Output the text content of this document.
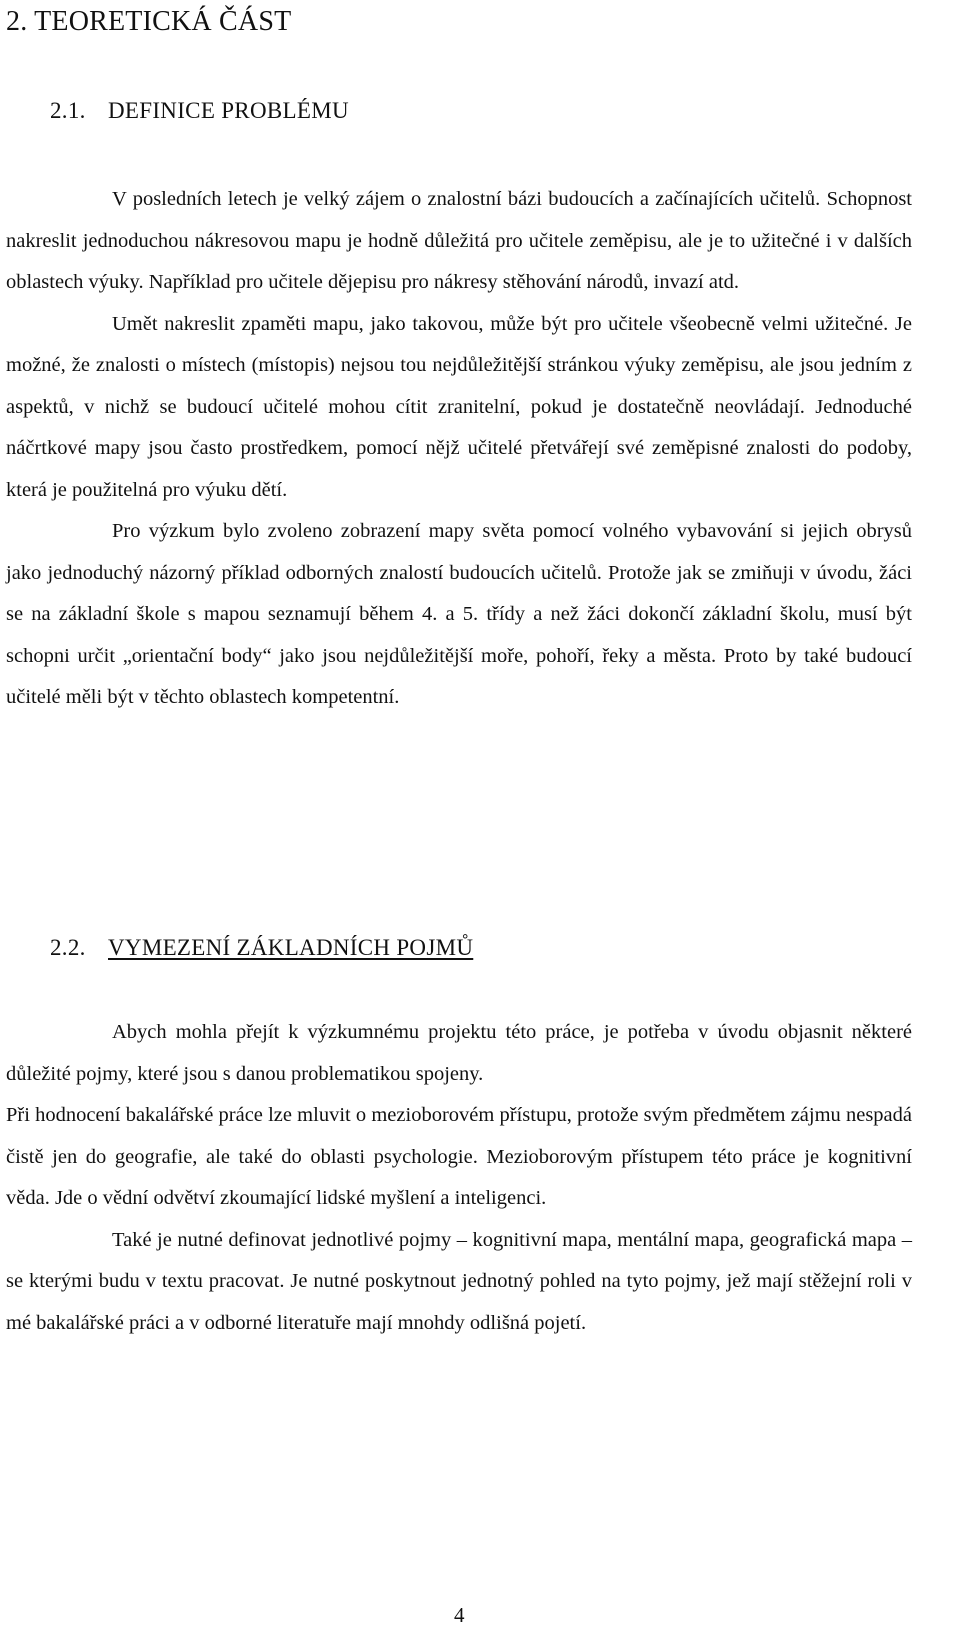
2. TEORETICKÁ ČÁST
2.1. DEFINICE PROBLÉMU

V posledních letech je velký zájem o znalostní bázi budoucích a začínajících učitelů. Schopnost nakreslit jednoduchou nákresovou mapu je hodně důležitá pro učitele zeměpisu, ale je to užitečné i v dalších oblastech výuky. Například pro učitele dějepisu pro nákresy stěhování národů, invazí atd.

Umět nakreslit zpaměti mapu, jako takovou, může být pro učitele všeobecně velmi užitečné. Je možné, že znalosti o místech (místopis) nejsou tou nejdůležitější stránkou výuky zeměpisu, ale jsou jedním z aspektů, v nichž se budoucí učitelé mohou cítit zranitelní, pokud je dostatečně neovládají. Jednoduché náčrtkové mapy jsou často prostředkem, pomocí nějž učitelé přetvářejí své zeměpisné znalosti do podoby, která je použitelná pro výuku dětí.

Pro výzkum bylo zvoleno zobrazení mapy světa pomocí volného vybavování si jejich obrysů jako jednoduchý názorný příklad odborných znalostí budoucích učitelů. Protože jak se zmiňuji v úvodu, žáci se na základní škole s mapou seznamují během 4. a 5. třídy a než žáci dokončí základní školu, musí být schopni určit „orientační body“ jako jsou nejdůležitější moře, pohoří, řeky a města. Proto by také budoucí učitelé měli být v těchto oblastech kompetentní.

2.2. VYMEZENÍ ZÁKLADNÍCH POJMŮ

Abych mohla přejít k výzkumnému projektu této práce, je potřeba v úvodu objasnit některé důležité pojmy, které jsou s danou problematikou spojeny.

Při hodnocení bakalářské práce lze mluvit o mezioborovém přístupu, protože svým předmětem zájmu nespadá čistě jen do geografie, ale také do oblasti psychologie. Mezioborovým přístupem této práce je kognitivní věda. Jde o vědní odvětví zkoumající lidské myšlení a inteligenci.

Také je nutné definovat jednotlivé pojmy – kognitivní mapa, mentální mapa, geografická mapa – se kterými budu v textu pracovat. Je nutné poskytnout jednotný pohled na tyto pojmy, jež mají stěžejní roli v mé bakalářské práci a v odborné literatuře mají mnohdy odlišná pojetí.

4
